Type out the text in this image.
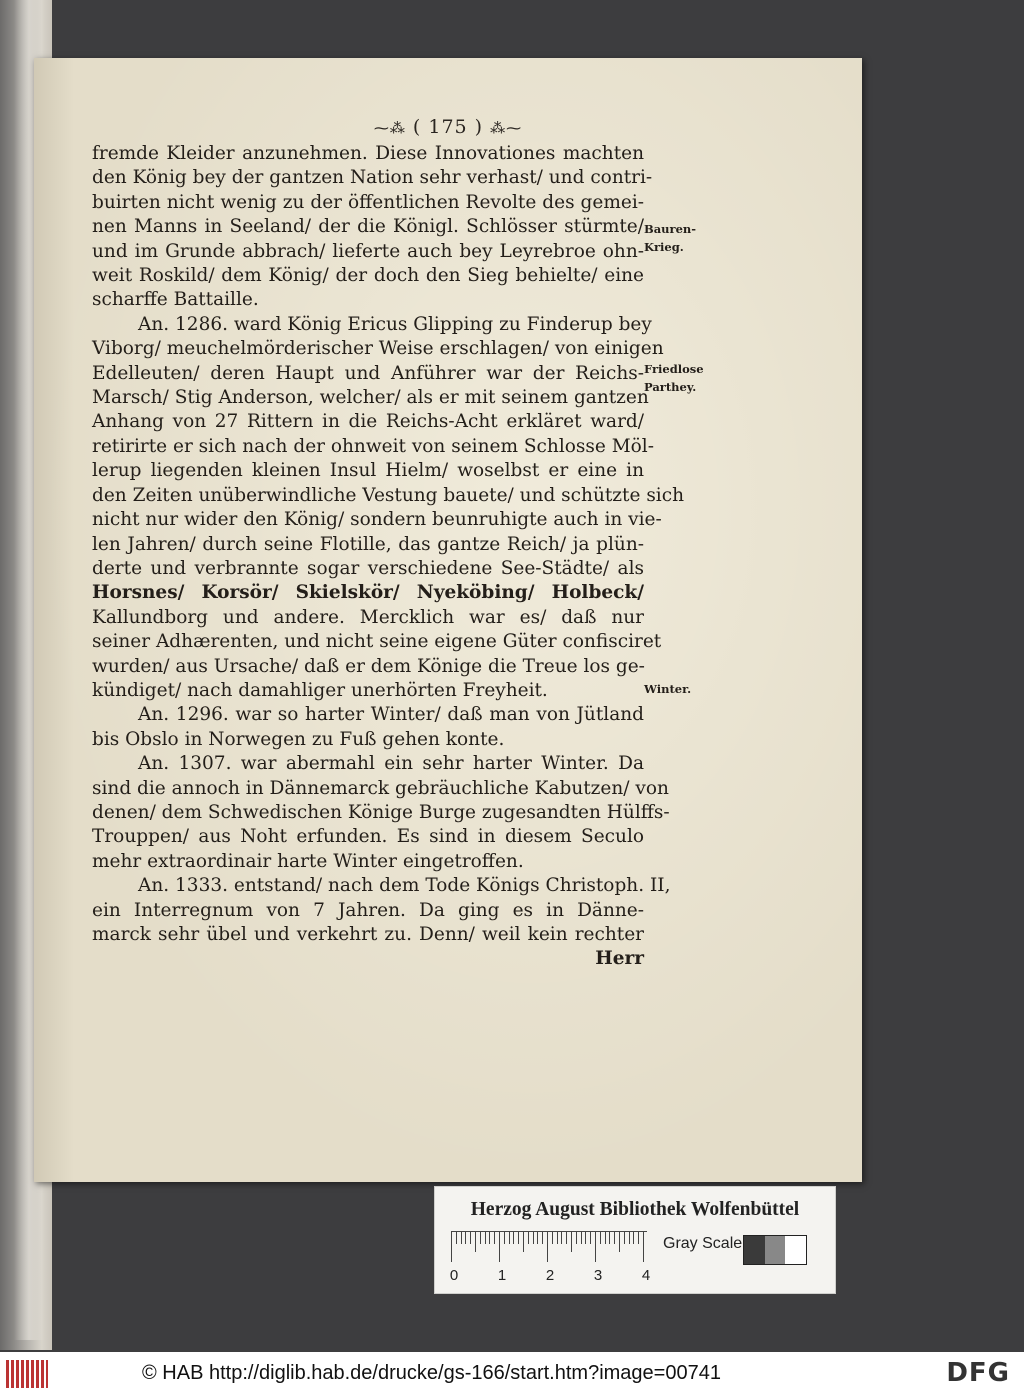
⁓⁂ ( 175 ) ⁂⁓
fremde Kleider anzunehmen. Diese Innovationes machten
den König bey der gantzen Nation sehr verhast/ und contri-
buirten nicht wenig zu der öffentlichen Revolte des gemei-
nen Manns in Seeland/ der die Königl. Schlösser stürmte/
und im Grunde abbrach/ lieferte auch bey Leyrebroe ohn-
weit Roskild/ dem König/ der doch den Sieg behielte/ eine
scharffe Battaille.
An. 1286. ward König Ericus Glipping zu Finderup bey
Viborg/ meuchelmörderischer Weise erschlagen/ von einigen
Edelleuten/ deren Haupt und Anführer war der Reichs-
Marsch/ Stig Anderson, welcher/ als er mit seinem gantzen
Anhang von 27 Rittern in die Reichs-Acht erkläret ward/
retirirte er sich nach der ohnweit von seinem Schlosse Möl-
lerup liegenden kleinen Insul Hielm/ woselbst er eine in
den Zeiten unüberwindliche Vestung bauete/ und schützte sich
nicht nur wider den König/ sondern beunruhigte auch in vie-
len Jahren/ durch seine Flotille, das gantze Reich/ ja plün-
derte und verbrannte sogar verschiedene See-Städte/ als
Horsnes/ Korsör/ Skielskör/ Nyeköbing/ Holbeck/
Kallundborg und andere. Mercklich war es/ daß nur
seiner Adhærenten, und nicht seine eigene Güter confisciret
wurden/ aus Ursache/ daß er dem Könige die Treue los ge-
kündiget/ nach damahliger unerhörten Freyheit.
An. 1296. war so harter Winter/ daß man von Jütland
bis Obslo in Norwegen zu Fuß gehen konte.
An. 1307. war abermahl ein sehr harter Winter. Da
sind die annoch in Dännemarck gebräuchliche Kabutzen/ von
denen/ dem Schwedischen Könige Burge zugesandten Hülffs-
Trouppen/ aus Noht erfunden. Es sind in diesem Seculo
mehr extraordinair harte Winter eingetroffen.
An. 1333. entstand/ nach dem Tode Königs Christoph. II,
ein Interregnum von 7 Jahren. Da ging es in Dänne-
marck sehr übel und verkehrt zu. Denn/ weil kein rechter
Herr
Bauren-
Krieg.
Friedlose
Parthey.
Winter.
Herzog August Bibliothek Wolfenbüttel
0	1	2	3	4
Gray Scale
© HAB http://diglib.hab.de/drucke/gs-166/start.htm?image=00741	DFG
